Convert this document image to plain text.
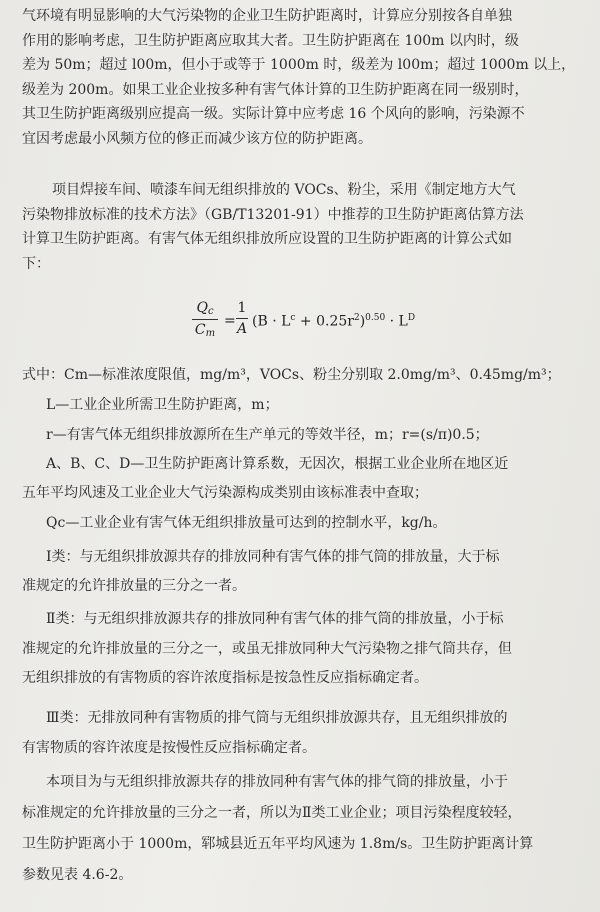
气环境有明显影响的大气污染物的企业卫生防护距离时，计算应分别按各自单独
作用的影响考虑，卫生防护距离应取其大者。卫生防护距离在 100m 以内时，级
差为 50m；超过 l00m，但小于或等于 1000m 时，级差为 l00m；超过 1000m 以上，
级差为 200m。如果工业企业按多种有害气体计算的卫生防护距离在同一级别时，
其卫生防护距离级别应提高一级。实际计算中应考虑 16 个风向的影响，污染源不
宜因考虑最小风频方位的修正而减少该方位的防护距离。
项目焊接车间、喷漆车间无组织排放的 VOCs、粉尘，采用《制定地方大气
污染物排放标准的技术方法》（GB/T13201-91）中推荐的卫生防护距离估算方法
计算卫生防护距离。有害气体无组织排放所应设置的卫生防护距离的计算公式如
下：
$Q_c$
$C_m$
=
1
A $(B \cdot L^c + 0.25r^2)^{0.50} \cdot L^D$
式中：Cm—标准浓度限值，mg/m³，VOCs、粉尘分别取 2.0mg/m³、0.45mg/m³；
L—工业企业所需卫生防护距离，m；
r—有害气体无组织排放源所在生产单元的等效半径，m；r=(s/π)0.5；
A、B、C、D—卫生防护距离计算系数，无因次，根据工业企业所在地区近
五年平均风速及工业企业大气污染源构成类别由该标准表中查取；
Qc—工业企业有害气体无组织排放量可达到的控制水平，kg/h。
Ⅰ类：与无组织排放源共存的排放同种有害气体的排气筒的排放量，大于标
准规定的允许排放量的三分之一者。
Ⅱ类：与无组织排放源共存的排放同种有害气体的排气筒的排放量，小于标
准规定的允许排放量的三分之一，或虽无排放同种大气污染物之排气筒共存，但
无组织排放的有害物质的容许浓度指标是按急性反应指标确定者。
Ⅲ类：无排放同种有害物质的排气筒与无组织排放源共存，且无组织排放的
有害物质的容许浓度是按慢性反应指标确定者。
本项目为与无组织排放源共存的排放同种有害气体的排气筒的排放量，小于
标准规定的允许排放量的三分之一者，所以为Ⅱ类工业企业；项目污染程度较轻，
卫生防护距离小于 1000m，郓城县近五年平均风速为 1.8m/s。卫生防护距离计算
参数见表 4.6-2。
